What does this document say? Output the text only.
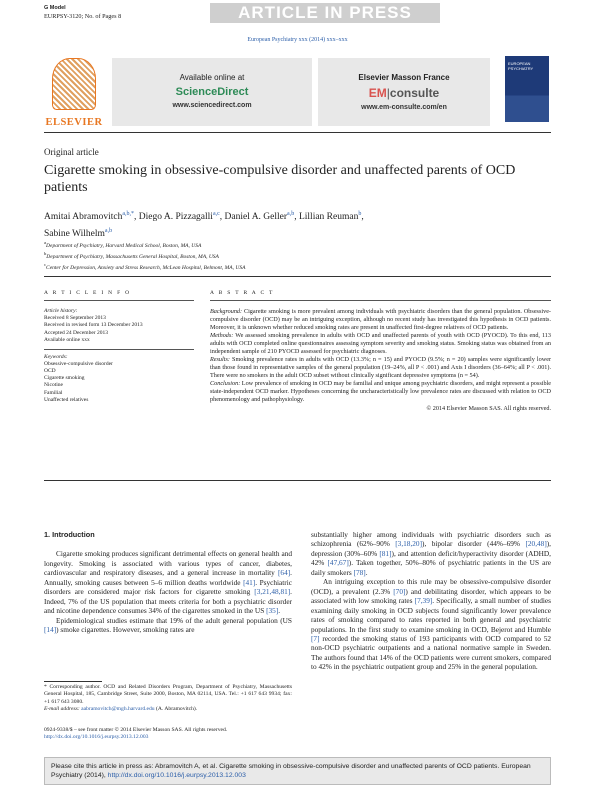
G Model
EURPSY-3120; No. of Pages 8	ARTICLE IN PRESS
European Psychiatry xxx (2014) xxx–xxx
ELSEVIER
Available online at
ScienceDirect
www.sciencedirect.com
Elsevier Masson France
EM|consulte
www.em-consulte.com/en
EUROPEAN PSYCHIATRY
Original article
Cigarette smoking in obsessive-compulsive disorder and unaffected parents of OCD patients
Amitai Abramovitch$^{a,b,*}$, Diego A. Pizzagalli$^{a,c}$, Daniel A. Geller$^{a,b}$, Lillian Reuman$^b$,
Sabine Wilhelm$^{a,b}$
$^a$Department of Psychiatry, Harvard Medical School, Boston, MA, USA
$^b$Department of Psychiatry, Massachusetts General Hospital, Boston, MA, USA
$^c$Center for Depression, Anxiety and Stress Research, McLean Hospital, Belmont, MA, USA
A R T I C L E I N F O	A B S T R A C T
Article history:
Received 8 September 2013
Received in revised form 13 December 2013
Accepted 24 December 2013
Available online xxx
Keywords:
Obsessive-compulsive disorder
OCD
Cigarette smoking
Nicotine
Familial
Unaffected relatives
Background: Cigarette smoking is more prevalent among individuals with psychiatric disorders than the general population. Obsessive-compulsive disorder (OCD) may be an intriguing exception, although no recent study has investigated this hypothesis in OCD patients. Moreover, it is unknown whether reduced smoking rates are present in unaffected first-degree relatives of OCD patients.
Methods: We assessed smoking prevalence in adults with OCD and unaffected parents of youth with OCD (PYOCD). To this end, 113 adults with OCD completed online questionnaires assessing symptom severity and smoking status. Smoking status was obtained from an independent sample of 210 PYOCD assessed for psychiatric diagnoses.
Results: Smoking prevalence rates in adults with OCD (13.3%; n = 15) and PYOCD (9.5%; n = 20) samples were significantly lower than those found in representative samples of the general population (19–24%, all P < .001) and Axis I disorders (36–64%; all P < .001). There were no smokers in the adult OCD subset without clinically significant depressive symptoms (n = 54).
Conclusion: Low prevalence of smoking in OCD may be familial and unique among psychiatric disorders, and might represent a possible state-independent OCD marker. Hypotheses concerning the uncharacteristically low prevalence rates are discussed with relation to OCD phenomenology and pathophysiology.
© 2014 Elsevier Masson SAS. All rights reserved.
1. Introduction

Cigarette smoking produces significant detrimental effects on general health and longevity. Smoking is associated with various types of cancer, diabetes, cardiovascular and respiratory diseases, and a general increase in mortality [64]. Annually, smoking causes between 5–6 million deaths worldwide [41]. Psychiatric disorders are considered major risk factors for cigarette smoking [3,21,48,81]. Indeed, 7% of the US population that meets criteria for both a psychiatric disorder and nicotine dependence consumes 34% of the cigarettes smoked in the US [35].

Epidemiological studies estimate that 19% of the adult general population (US [14]) smoke cigarettes. However, smoking rates are

substantially higher among individuals with psychiatric disorders such as schizophrenia (62%–90% [3,18,20]), bipolar disorder (44%–69% [20,48]), depression (30%–60% [81]), and attention deficit/hyperactivity disorder (ADHD, 42% [47,67]). Taken together, 50%–80% of psychiatric patients in the US are daily smokers [78].

An intriguing exception to this rule may be obsessive-compulsive disorder (OCD), a prevalent (2.3% [70]) and debilitating disorder, which appears to be associated with low smoking rates [7,39]. Specifically, a small number of studies examining daily smoking in OCD subjects found significantly lower prevalence rates of smoking compared to rates reported in both general and psychiatric populations. In the first study to examine smoking in OCD, Bejerot and Humble [7] recorded the smoking status of 193 participants with OCD compared to 52 non-OCD psychiatric outpatients and a national normative sample in Sweden. The authors found that 14% of the OCD patients were current smokers, compared to 42% in the psychiatric outpatient group and 25% in the general population.

* Corresponding author. OCD and Related Disorders Program, Department of Psychiatry, Massachusetts General Hospital, 185, Cambridge Street, Suite 2000, Boston, MA 02114, USA. Tel.: +1 617 643 9934; fax: +1 617 643 3080.
E-mail address: aabramovitch@mgh.harvard.edu (A. Abramovitch).
0924-9338/$ – see front matter © 2014 Elsevier Masson SAS. All rights reserved.
http://dx.doi.org/10.1016/j.eurpsy.2013.12.003
Please cite this article in press as: Abramovitch A, et al. Cigarette smoking in obsessive-compulsive disorder and unaffected parents of OCD patients. European Psychiatry (2014), http://dx.doi.org/10.1016/j.eurpsy.2013.12.003
